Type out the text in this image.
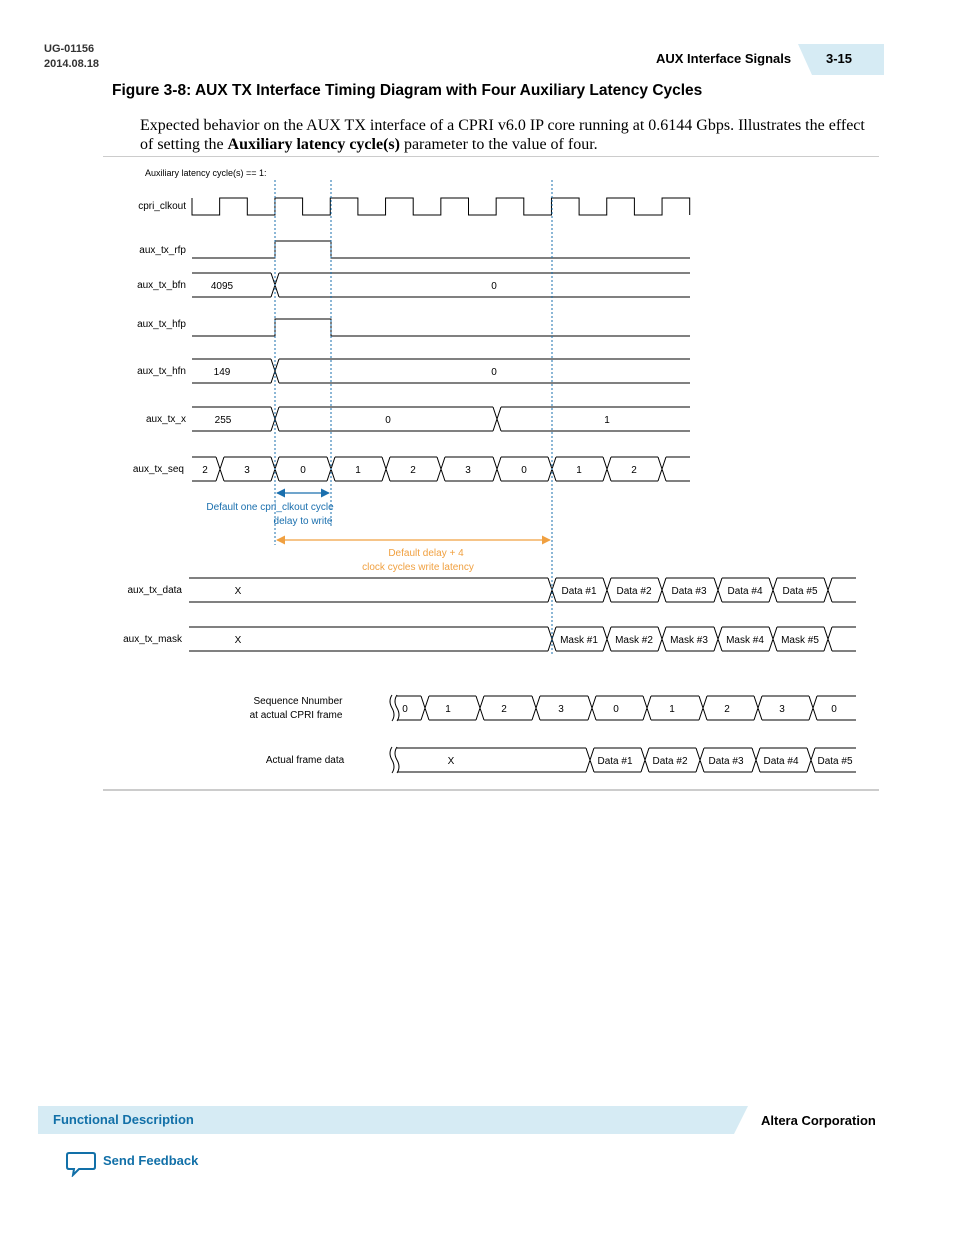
UG-01156
2014.08.18	AUX Interface Signals	3-15
Figure 3-8: AUX TX Interface Timing Diagram with Four Auxiliary Latency Cycles
Expected behavior on the AUX TX interface of a CPRI v6.0 IP core running at 0.6144 Gbps. Illustrates the effect of setting the Auxiliary latency cycle(s) parameter to the value of four.
Auxiliary latency cycle(s) == 1:
cpri_clkout
aux_tx_rfp
aux_tx_bfn
aux_tx_hfp
aux_tx_hfn
aux_tx_x
aux_tx_seq
aux_tx_data
aux_tx_mask
Sequence Nnumber
at actual CPRI frame
Actual frame data
4095	0
149	0
255	0	1
2	3	0	1	2	3	0	1	2
X	Data #1 Data #2 Data #3 Data #4 Data #5
X	Mask #1 Mask #2 Mask #3 Mask #4 Mask #5
0	1	2	3	0	1	2	3	0
X	Data #1 Data #2 Data #3 Data #4 Data #5
Default one cpri_clkout cycle
delay to write
Default delay + 4
clock cycles write latency
Functional Description	Altera Corporation
Send Feedback
